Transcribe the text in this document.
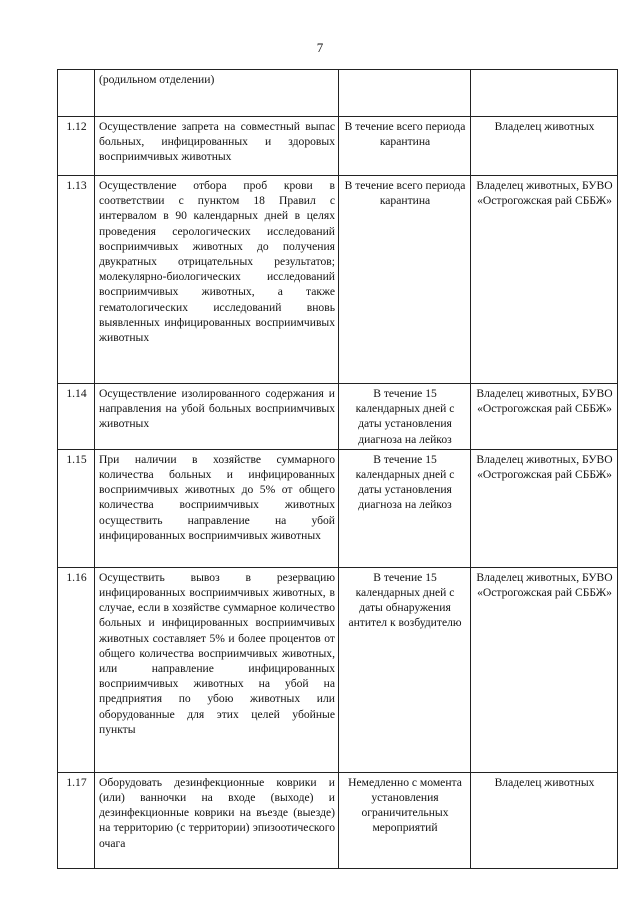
7
	(родильном отделении)		
1.12	Осуществление запрета на совместный выпас больных, инфицированных и здоровых восприимчивых животных	В течение всего периода карантина	Владелец животных
1.13	Осуществление отбора проб крови в соответствии с пунктом 18 Правил с интервалом в 90 календарных дней в целях проведения серологических исследований восприимчивых животных до получения двукратных отрицательных результатов; молекулярно-биологических исследований восприимчивых животных, а также гематологических исследований вновь выявленных инфицированных восприимчивых животных	В течение всего периода карантина	Владелец животных, БУВО «Острогожская рай СББЖ»
1.14	Осуществление изолированного содержания и направления на убой больных восприимчивых животных	В течение 15 календарных дней с даты установления диагноза на лейкоз	Владелец животных, БУВО «Острогожская рай СББЖ»
1.15	При наличии в хозяйстве суммарного количества больных и инфицированных восприимчивых животных до 5% от общего количества восприимчивых животных осуществить направление на убой инфицированных восприимчивых животных	В течение 15 календарных дней с даты установления диагноза на лейкоз	Владелец животных, БУВО «Острогожская рай СББЖ»
1.16	Осуществить вывоз в резервацию инфицированных восприимчивых животных, в случае, если в хозяйстве суммарное количество больных и инфицированных восприимчивых животных составляет 5% и более процентов от общего количества восприимчивых животных, или направление инфицированных восприимчивых животных на убой на предприятия по убою животных или оборудованные для этих целей убойные пункты	В течение 15 календарных дней с даты обнаружения антител к возбудителю	Владелец животных, БУВО «Острогожская рай СББЖ»
1.17	Оборудовать дезинфекционные коврики и (или) ванночки на входе (выходе) и дезинфекционные коврики на въезде (выезде) на территорию (с территории) эпизоотического очага	Немедленно с момента установления ограничительных мероприятий	Владелец животных
